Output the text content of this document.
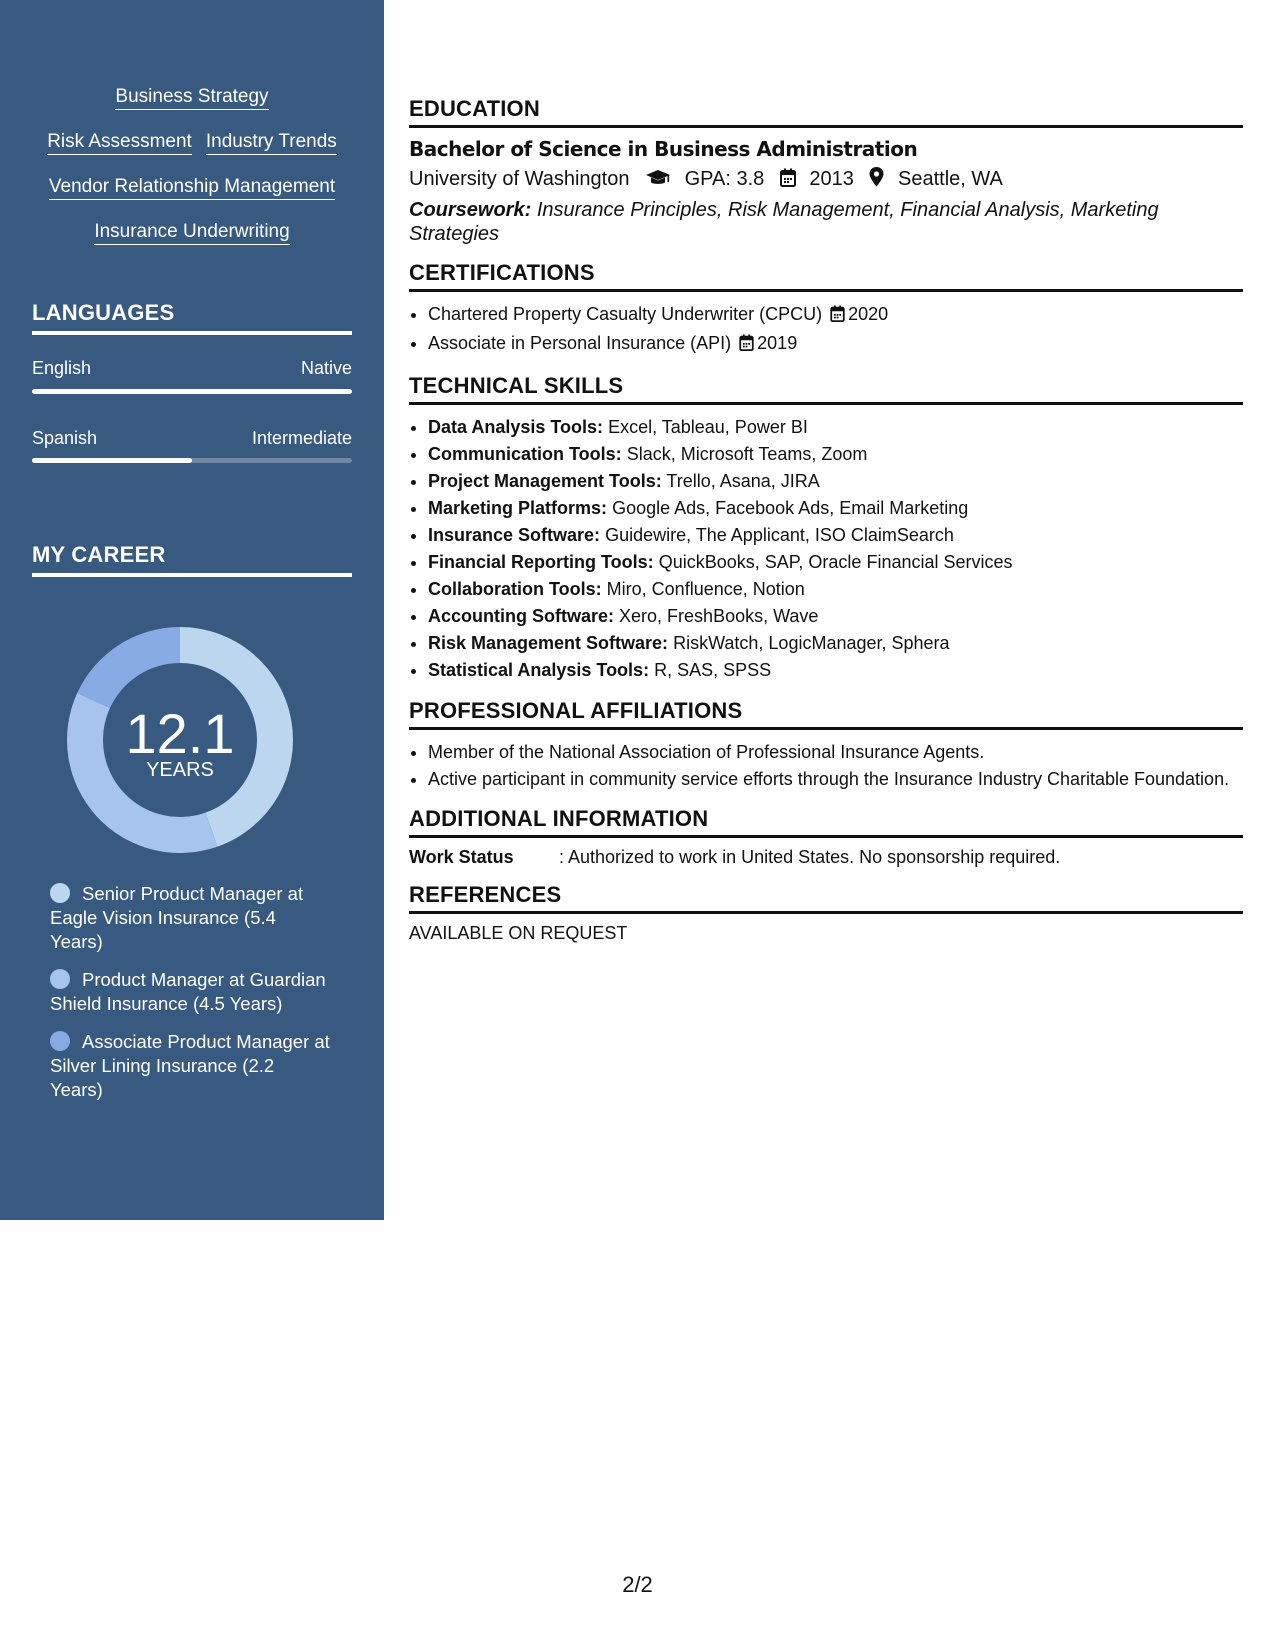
Business Strategy
Risk Assessment Industry Trends
Vendor Relationship Management
Insurance Underwriting
LANGUAGES
English	Native
Spanish	Intermediate
MY CAREER
12.1
YEARS
Senior Product Manager at Eagle Vision Insurance (5.4 Years)
Product Manager at Guardian Shield Insurance (4.5 Years)
Associate Product Manager at Silver Lining Insurance (2.2 Years)
EDUCATION
Bachelor of Science in Business Administration
University of Washington	GPA: 3.8 2013 Seattle, WA
Coursework: Insurance Principles, Risk Management, Financial Analysis, Marketing Strategies
CERTIFICATIONS
• Chartered Property Casualty Underwriter (CPCU) 2020
• Associate in Personal Insurance (API) 2019
TECHNICAL SKILLS
• Data Analysis Tools: Excel, Tableau, Power BI
• Communication Tools: Slack, Microsoft Teams, Zoom
• Project Management Tools: Trello, Asana, JIRA
• Marketing Platforms: Google Ads, Facebook Ads, Email Marketing
• Insurance Software: Guidewire, The Applicant, ISO ClaimSearch
• Financial Reporting Tools: QuickBooks, SAP, Oracle Financial Services
• Collaboration Tools: Miro, Confluence, Notion
• Accounting Software: Xero, FreshBooks, Wave
• Risk Management Software: RiskWatch, LogicManager, Sphera
• Statistical Analysis Tools: R, SAS, SPSS
PROFESSIONAL AFFILIATIONS
• Member of the National Association of Professional Insurance Agents.
• Active participant in community service efforts through the Insurance Industry Charitable Foundation.
ADDITIONAL INFORMATION
Work Status	: Authorized to work in United States. No sponsorship required.
REFERENCES
AVAILABLE ON REQUEST
2/2
